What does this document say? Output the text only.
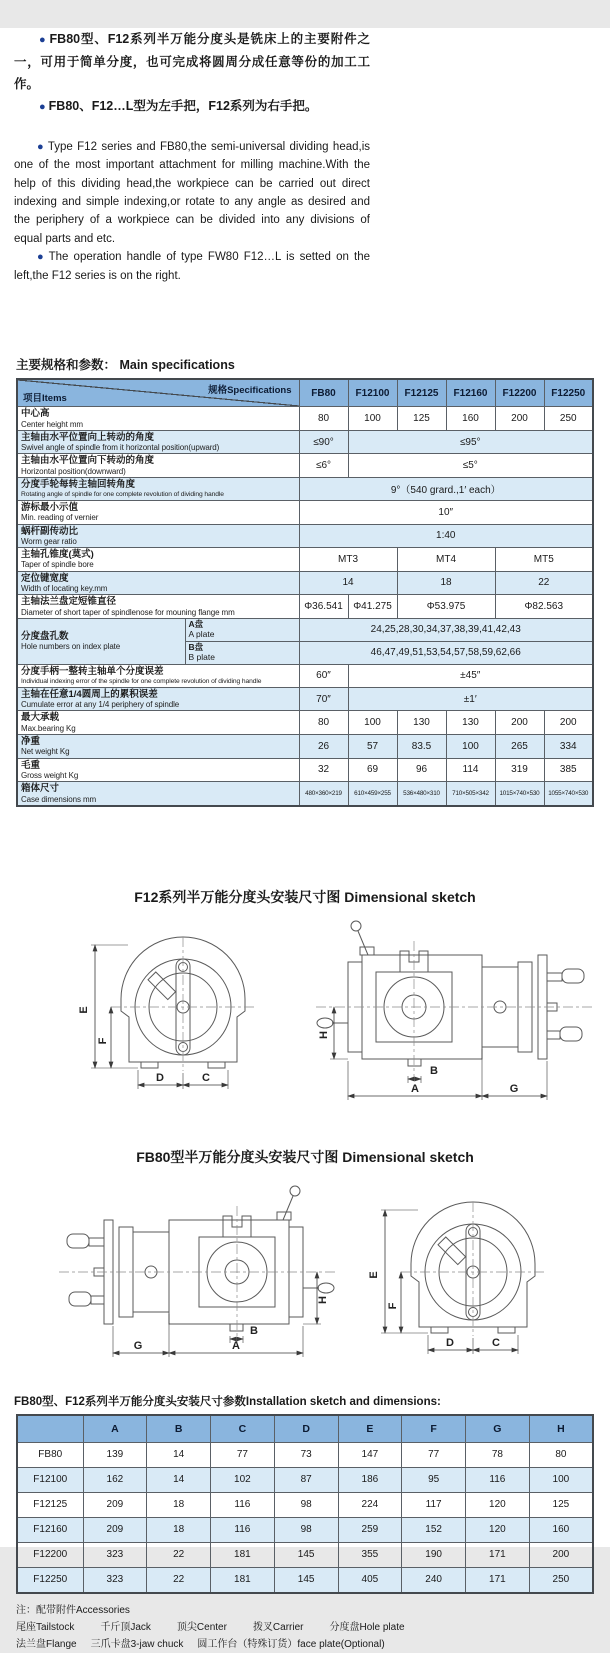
● FB80型、F12系列半万能分度头是铣床上的主要附件之一，可用于简单分度，也可完成将圆周分成任意等份的加工工作。

● FB80、F12…L型为左手把，F12系列为右手把。

● Type F12 series and FB80,the semi-universal dividing head,is one of the most important attachment for milling machine.With the help of this dividing head,the workpiece can be carried out direct indexing and simple indexing,or rotate to any angle as desired and the periphery of a workpiece can be divided into any divisions of equal parts and etc.

● The operation handle of type FW80 F12…L is setted on the left,the F12 series is on the right.

主要规格和参数： Main specifications
项目Items
规格Specifications		FB80	F12100	F12125	F12160	F12200	F12250

中心高
Center height mm		80	100	125	160	200	250

主轴由水平位置向上转动的角度
Swivel angle of spindle from it horizontal position(upward)		≤90°	≤95°				

主轴由水平位置向下转动的角度
Horizontal position(downward)		≤6°	≤5°				

分度手轮每转主轴回转角度
Rotating angle of spindle for one complete revolution of dividing handle		9°（540 grard.,1′ each）					

游标最小示值
Min. reading of vernier		10″					

蜗杆副传动比
Worm gear ratio		1:40					

主轴孔锥度(莫式)
Taper of spindle bore		MT3		MT4		MT5	

定位键宽度
Width of locating key.mm		14		18		22	

主轴法兰盘定短锥直径
Diameter of short taper of spindlenose for mouning flange mm		Φ36.541	Φ41.275	Φ53.975		Φ82.563	

分度盘孔数
Hole numbers on index plate

A盘
A plate	24,25,28,30,34,37,38,39,41,42,43

	B盘
B plate	46,47,49,51,53,54,57,58,59,62,66					

分度手柄一整转主轴单个分度误差
Individual indexing error of the spindle for one complete revolution of dividing handle		60″	±45″				

主轴在任意1/4圆周上的累积误差
Cumulate error at any 1/4 periphery of spindle		70″	±1′				

最大承载
Max.bearing Kg		80	100	130	130	200	200

净重
Net weight Kg		26	57	83.5	100	265	334

毛重
Gross weight Kg		32	69	96	114	319	385

箱体尺寸
Case dimensions mm		480×360×219	610×459×255	536×480×310	710×505×342	1015×740×530	1055×740×530
F12系列半万能分度头安装尺寸图 Dimensional sketch
E
F
D	C
H
B
A	G
FB80型半万能分度头安装尺寸图 Dimensional sketch
H
B
G	A
E
F
D	C
FB80型、F12系列半万能分度头安装尺寸参数Installation sketch and dimensions:
	A	B	C	D	E	F	G	H
FB80	139	14	77	73	147	77	78	80
F12100	162	14	102	87	186	95	116	100
F12125	209	18	116	98	224	117	120	125
F12160	209	18	116	98	259	152	120	160
F12200	323	22	181	145	355	190	171	200
F12250	323	22	181	145	405	240	171	250

注：配带附件Accessories

尾座Tailstock	千斤顶Jack	顶尖Center	拨叉Carrier	分度盘Hole plate

法兰盘Flange 三爪卡盘3-jaw chuck 圆工作台（特殊订货）face plate(Optional)
